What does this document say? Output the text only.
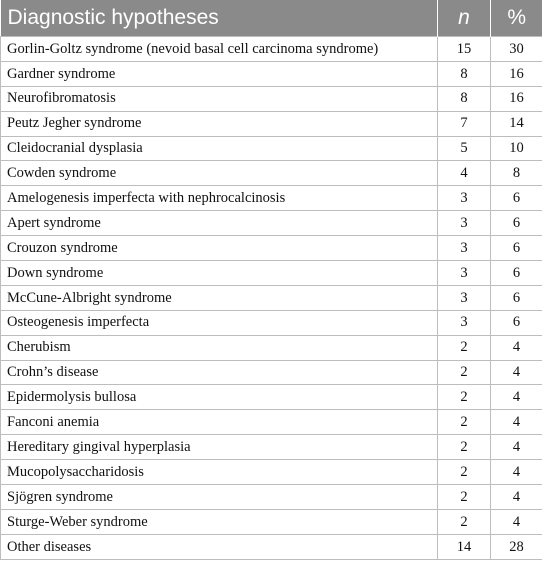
Diagnostic hypotheses	n	%
Gorlin-Goltz syndrome (nevoid basal cell carcinoma syndrome)	15	30
Gardner syndrome	8	16
Neurofibromatosis	8	16
Peutz Jegher syndrome	7	14
Cleidocranial dysplasia	5	10
Cowden syndrome	4	8
Amelogenesis imperfecta with nephrocalcinosis	3	6
Apert syndrome	3	6
Crouzon syndrome	3	6
Down syndrome	3	6
McCune-Albright syndrome	3	6
Osteogenesis imperfecta	3	6
Cherubism	2	4
Crohn’s disease	2	4
Epidermolysis bullosa	2	4
Fanconi anemia	2	4
Hereditary gingival hyperplasia	2	4
Mucopolysaccharidosis	2	4
Sjögren syndrome	2	4
Sturge-Weber syndrome	2	4
Other diseases	14	28
